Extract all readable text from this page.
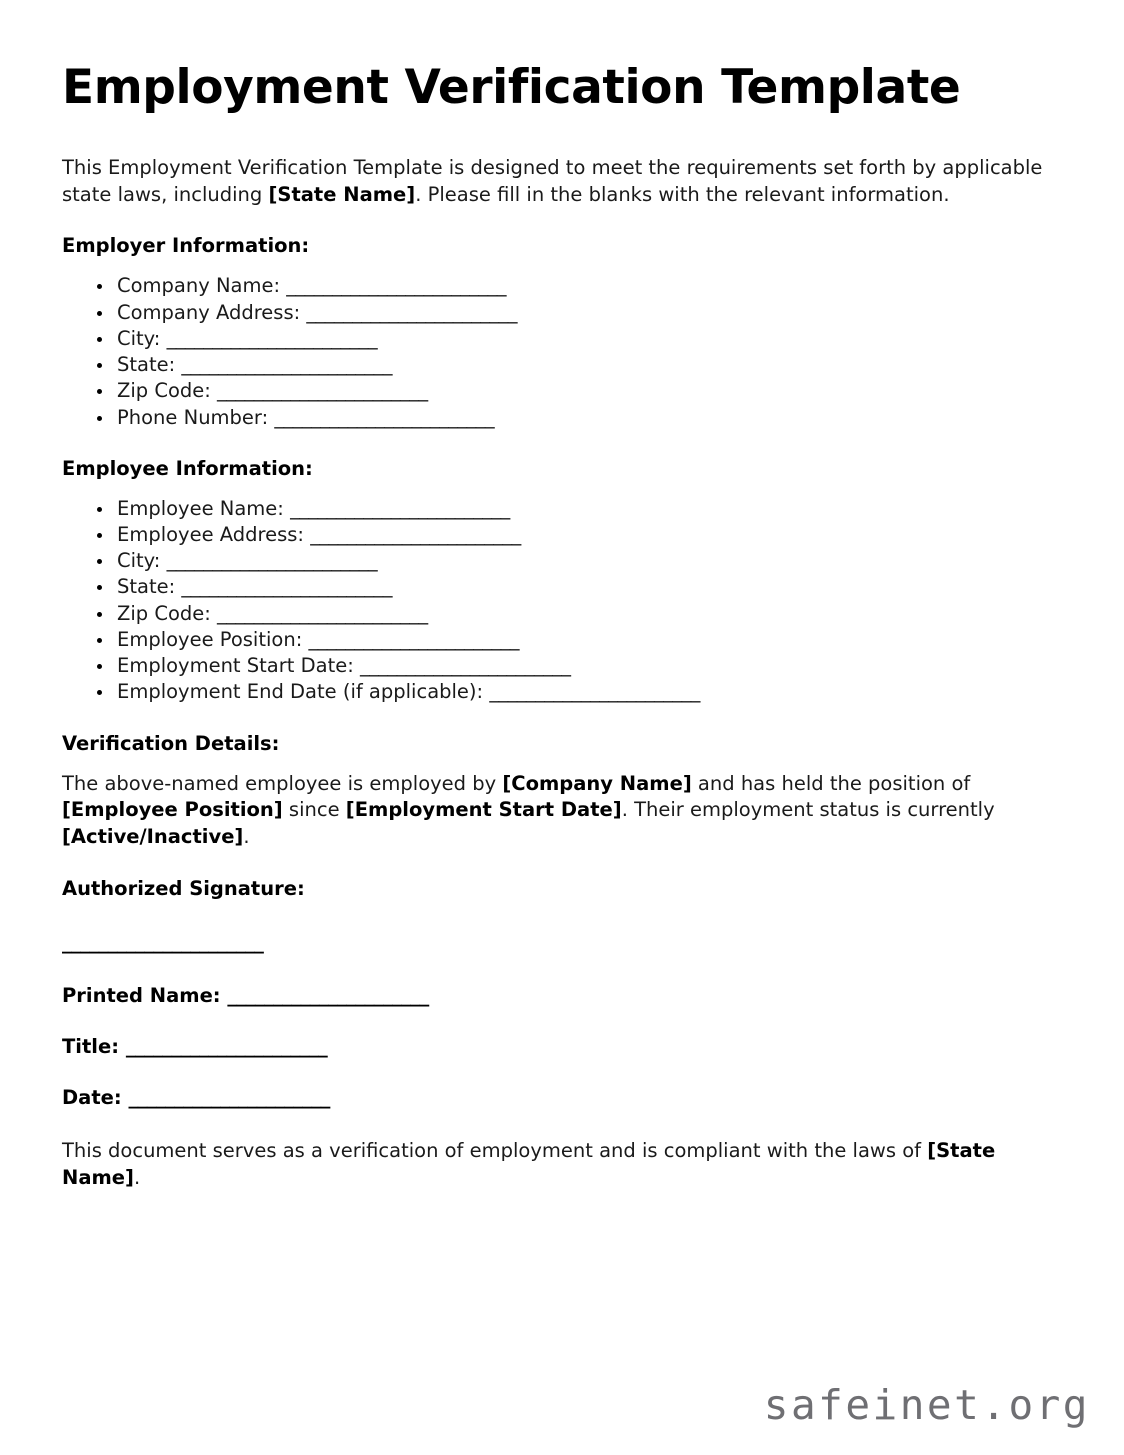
Employment Verification Template

This Employment Verification Template is designed to meet the requirements set forth by applicable state laws, including [State Name]. Please fill in the blanks with the relevant information.

Employer Information:
Company Name: ________________________
Company Address: _______________________
City: _______________________
State: _______________________
Zip Code: _______________________
Phone Number: ________________________
Employee Information:
Employee Name: ________________________
Employee Address: _______________________
City: _______________________
State: _______________________
Zip Code: _______________________
Employee Position: _______________________
Employment Start Date: _______________________
Employment End Date (if applicable): _______________________
Verification Details:

The above-named employee is employed by [Company Name] and has held the position of [Employee Position] since [Employment Start Date]. Their employment status is currently [Active/Inactive].

Authorized Signature:

______________________

Printed Name: ______________________

Title: ______________________

Date: ______________________

This document serves as a verification of employment and is compliant with the laws of [State Name].

safeinet.org
